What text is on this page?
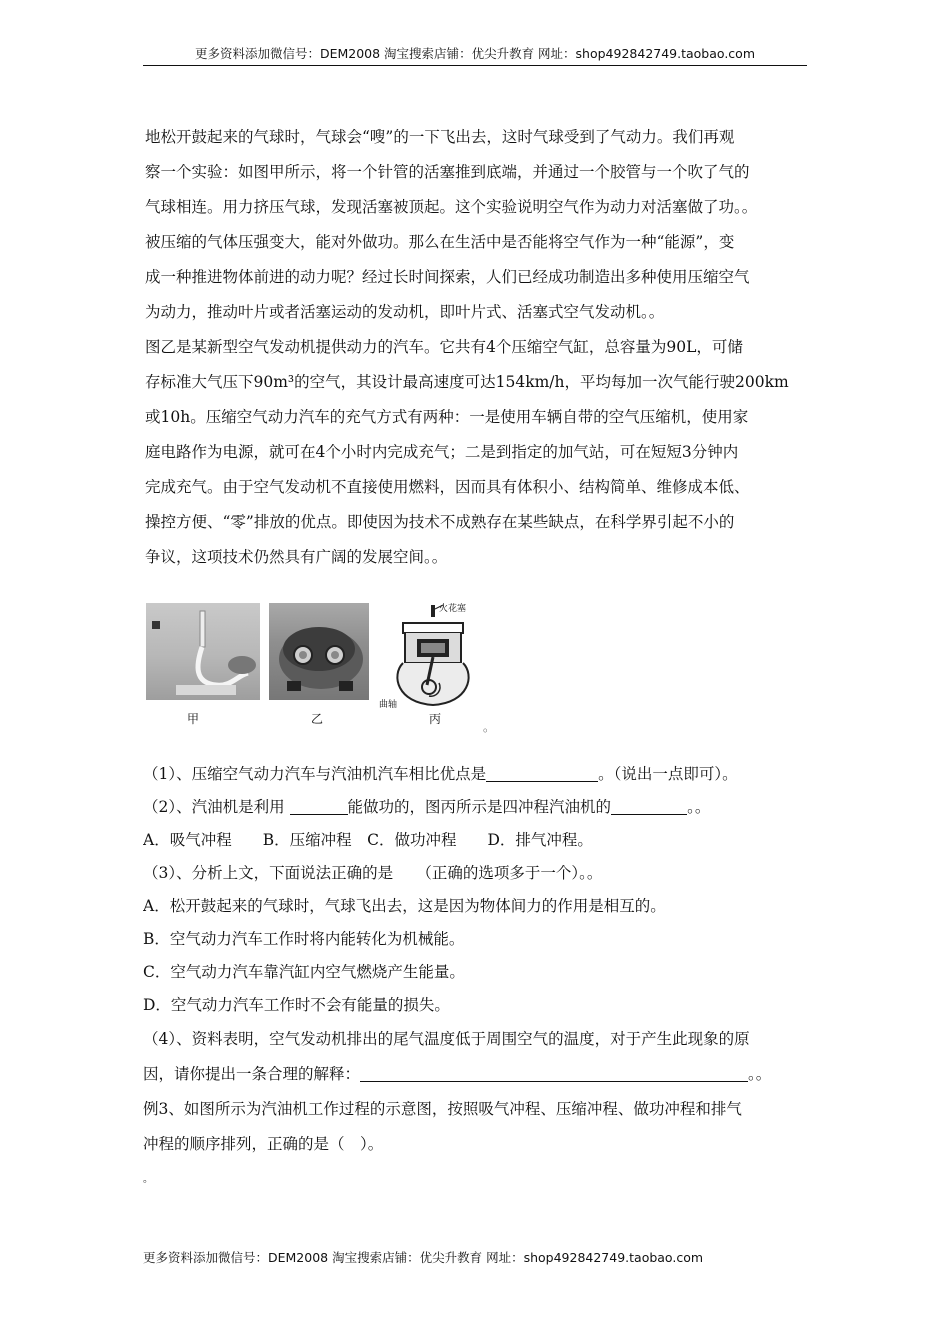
更多资料添加微信号：DEM2008 淘宝搜索店铺：优尖升教育 网址：shop492842749.taobao.com
地松开鼓起来的气球时，气球会“嗖”的一下飞出去，这时气球受到了气动力。我们再观
察一个实验：如图甲所示，将一个针管的活塞推到底端，并通过一个胶管与一个吹了气的
气球相连。用力挤压气球，发现活塞被顶起。这个实验说明空气作为动力对活塞做了功。。
被压缩的气体压强变大，能对外做功。那么在生活中是否能将空气作为一种“能源”，变
成一种推进物体前进的动力呢？经过长时间探索，人们已经成功制造出多种使用压缩空气
为动力，推动叶片或者活塞运动的发动机，即叶片式、活塞式空气发动机。。
图乙是某新型空气发动机提供动力的汽车。它共有4个压缩空气缸，总容量为90L，可储
存标准大气压下90m³的空气，其设计最高速度可达154km/h，平均每加一次气能行驶200km
或10h。压缩空气动力汽车的充气方式有两种：一是使用车辆自带的空气压缩机，使用家
庭电路作为电源，就可在4个小时内完成充气；二是到指定的加气站，可在短短3分钟内
完成充气。由于空气发动机不直接使用燃料，因而具有体积小、结构简单、维修成本低、
操控方便、“零”排放的优点。即使因为技术不成熟存在某些缺点，在科学界引起不小的
争议，这项技术仍然具有广阔的发展空间。。
火花塞
曲轴
甲	乙	丙
。
（1）、压缩空气动力汽车与汽油机汽车相比优点是	。（说出一点即可）。
（2）、汽油机是利用	能做功的，图丙所示是四冲程汽油机的	。。
A．吸气冲程　　B．压缩冲程　C．做功冲程　　D．排气冲程。
（3）、分析上文，下面说法正确的是　　（正确的选项多于一个）。。
A．松开鼓起来的气球时，气球飞出去，这是因为物体间力的作用是相互的。
B．空气动力汽车工作时将内能转化为机械能。
C．空气动力汽车靠汽缸内空气燃烧产生能量。
D．空气动力汽车工作时不会有能量的损失。
（4）、资料表明，空气发动机排出的尾气温度低于周围空气的温度，对于产生此现象的原
因，请你提出一条合理的解释：	。。
例3、如图所示为汽油机工作过程的示意图，按照吸气冲程、压缩冲程、做功冲程和排气
冲程的顺序排列，正确的是（　）。
。
更多资料添加微信号：DEM2008 淘宝搜索店铺：优尖升教育 网址：shop492842749.taobao.com
